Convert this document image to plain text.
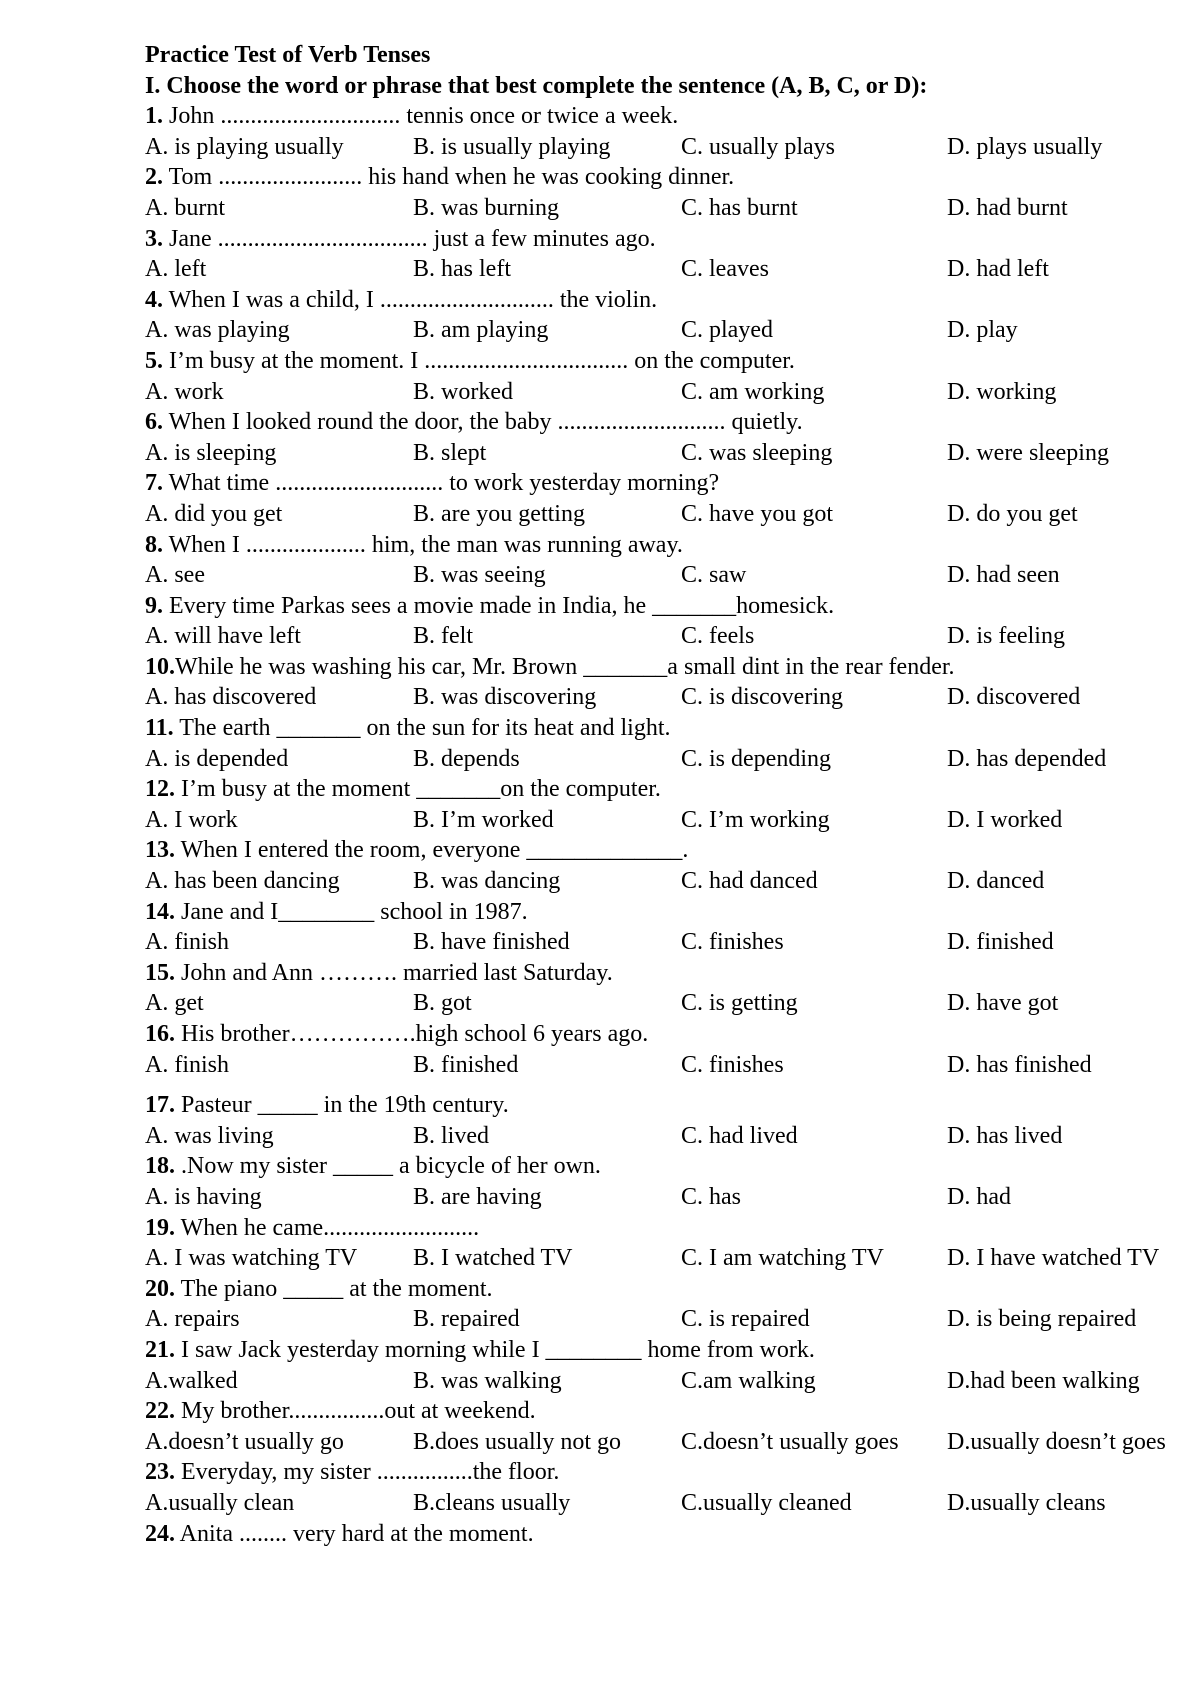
Practice Test of Verb Tenses
I. Choose the word or phrase that best complete the sentence (A, B, C, or D):
1. John .............................. tennis once or twice a week.
A. is playing usually	B. is usually playing	C. usually plays	D. plays usually
2. Tom ........................ his hand when he was cooking dinner.
A. burnt	B. was burning	C. has burnt	D. had burnt
3. Jane ................................... just a few minutes ago.
A. left	B. has left	C. leaves	D. had left
4. When I was a child, I ............................. the violin.
A. was playing	B. am playing	C. played	D. play
5. I’m busy at the moment. I .................................. on the computer.
A. work	B. worked	C. am working	D. working
6. When I looked round the door, the baby ............................ quietly.
A. is sleeping	B. slept	C. was sleeping	D. were sleeping
7. What time ............................ to work yesterday morning?
A. did you get	B. are you getting	C. have you got	D. do you get
8. When I .................... him, the man was running away.
A. see	B. was seeing	C. saw	D. had seen
9. Every time Parkas sees a movie made in India, he _______homesick.
A. will have left	B. felt	C. feels	D. is feeling
10.While he was washing his car, Mr. Brown _______a small dint in the rear fender.
A. has discovered	B. was discovering	C. is discovering	D. discovered
11. The earth _______ on the sun for its heat and light.
A. is depended	B. depends	C. is depending	D. has depended
12. I’m busy at the moment _______on the computer.
A. I work	B. I’m worked	C. I’m working	D. I worked
13. When I entered the room, everyone _____________.
A. has been dancing	B. was dancing	C. had danced	D. danced
14. Jane and I________ school in 1987.
A. finish	B. have finished	C. finishes	D. finished
15. John and Ann ………. married last Saturday.
A. get	B. got	C. is getting	D. have got
16. His brother…………….high school 6 years ago.
A. finish	B. finished	C. finishes	D. has finished
17. Pasteur _____ in the 19th century.
A. was living	B. lived	C. had lived	D. has lived
18. .Now my sister _____ a bicycle of her own.
A. is having	B. are having	C. has	D. had
19. When he came..........................
A. I was watching TV	B. I watched TV	C. I am watching TV	D. I have watched TV
20. The piano _____ at the moment.
A. repairs	B. repaired	C. is repaired	D. is being repaired
21. I saw Jack yesterday morning while I ________ home from work.
A.walked	B. was walking	C.am walking	D.had been walking
22. My brother................out at weekend.
A.doesn’t usually go	B.does usually not go	C.doesn’t usually goes	D.usually doesn’t goes
23. Everyday, my sister ................the floor.
A.usually clean	B.cleans usually	C.usually cleaned	D.usually cleans
24. Anita ........ very hard at the moment.
